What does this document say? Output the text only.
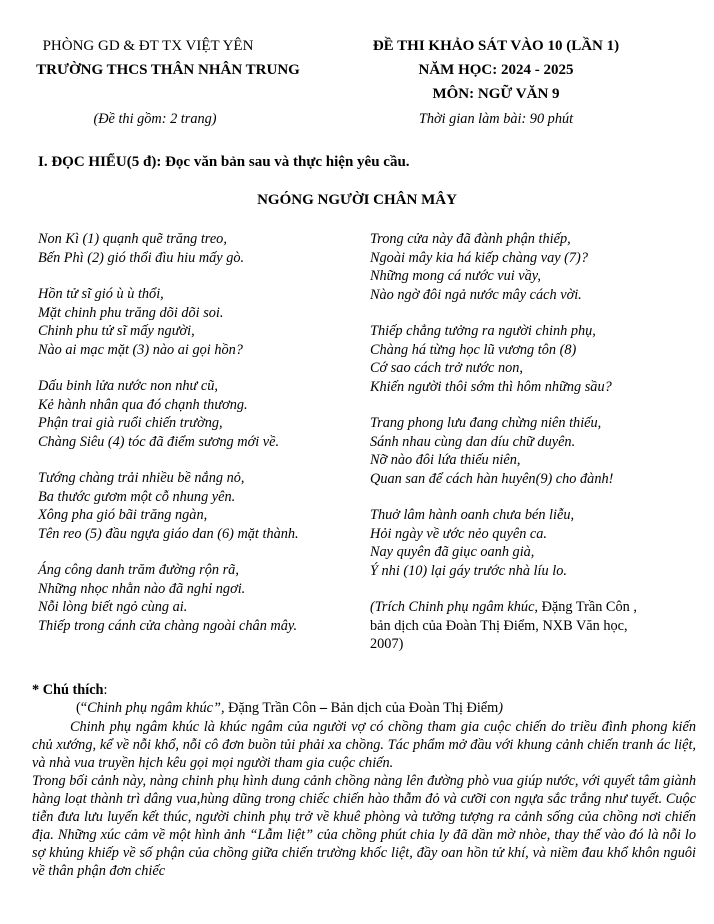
PHÒNG GD & ĐT TX VIỆT YÊN
TRƯỜNG THCS THÂN NHÂN TRUNG
(Đề thi gồm: 2 trang)
ĐỀ THI KHẢO SÁT VÀO 10 (LẦN 1)
NĂM HỌC: 2024 - 2025
MÔN: NGỮ VĂN 9
Thời gian làm bài: 90 phút
I. ĐỌC HIỂU(5 đ): Đọc văn bản sau và thực hiện yêu cầu.
NGÓNG NGƯỜI CHÂN MÂY
Non Kì (1) quạnh quẽ trăng treo,
Bến Phì (2) gió thổi đìu hiu mấy gò.
Hồn tử sĩ gió ù ù thổi,
Mặt chinh phu trăng dõi dõi soi.
Chinh phu tử sĩ mấy người,
Nào ai mạc mặt (3) nào ai gọi hồn?
Dấu binh lửa nước non như cũ,
Kẻ hành nhân qua đó chạnh thương.
Phận trai già ruổi chiến trường,
Chàng Siêu (4) tóc đã điểm sương mới về.
Tướng chàng trải nhiều bề nắng nỏ,
Ba thước gươm một cỗ nhung yên.
Xông pha gió bãi trăng ngàn,
Tên reo (5) đầu ngựa giáo dan (6) mặt thành.
Áng công danh trăm đường rộn rã,
Những nhọc nhằn nào đã nghỉ ngơi.
Nỗi lòng biết ngỏ cùng ai.
Thiếp trong cánh cửa chàng ngoài chân mây.
Trong cửa này đã đành phận thiếp,
Ngoài mây kia há kiếp chàng vay (7)?
Những mong cá nước vui vầy,
Nào ngờ đôi ngả nước mây cách vời.
Thiếp chẳng tưởng ra người chinh phụ,
Chàng há từng học lũ vương tôn (8)
Cớ sao cách trở nước non,
Khiến người thôi sớm thì hôm những sầu?
Trang phong lưu đang chừng niên thiếu,
Sánh nhau cùng dan díu chữ duyên.
Nỡ nào đôi lứa thiếu niên,
Quan san để cách hàn huyên(9) cho đành!
Thuở lâm hành oanh chưa bén liễu,
Hỏi ngày về ước nẻo quyên ca.
Nay quyên đã giục oanh già,
Ý nhi (10) lại gáy trước nhà líu lo.
(Trích Chinh phụ ngâm khúc, Đặng Trần Côn ,
bản dịch của Đoàn Thị Điểm, NXB Văn học,
2007)
* Chú thích:
(“Chinh phụ ngâm khúc”, Đặng Trần Côn – Bản dịch của Đoàn Thị Điểm)
Chinh phụ ngâm khúc là khúc ngâm của người vợ có chồng tham gia cuộc chiến do triều đình phong kiến chủ xướng, kể về nỗi khổ, nỗi cô đơn buồn tủi phải xa chồng. Tác phẩm mở đầu với khung cảnh chiến tranh ác liệt, và nhà vua truyền hịch kêu gọi mọi người tham gia cuộc chiến.
Trong bối cảnh này, nàng chinh phụ hình dung cảnh chồng nàng lên đường phò vua giúp nước, với quyết tâm giành hàng loạt thành trì dâng vua,hùng dũng trong chiếc chiến hào thẫm đỏ và cưỡi con ngựa sắc trắng như tuyết. Cuộc tiễn đưa lưu luyến kết thúc, người chinh phụ trở về khuê phòng và tưởng tượng ra cảnh sống của chồng nơi chiến địa. Những xúc cảm về một hình ảnh “Lẫm liệt” của chồng phút chia ly đã dần mờ nhòe, thay thế vào đó là nỗi lo sợ khủng khiếp về số phận của chồng giữa chiến trường khốc liệt, đầy oan hồn tử khí, và niềm đau khổ khôn nguôi về thân phận đơn chiếc
